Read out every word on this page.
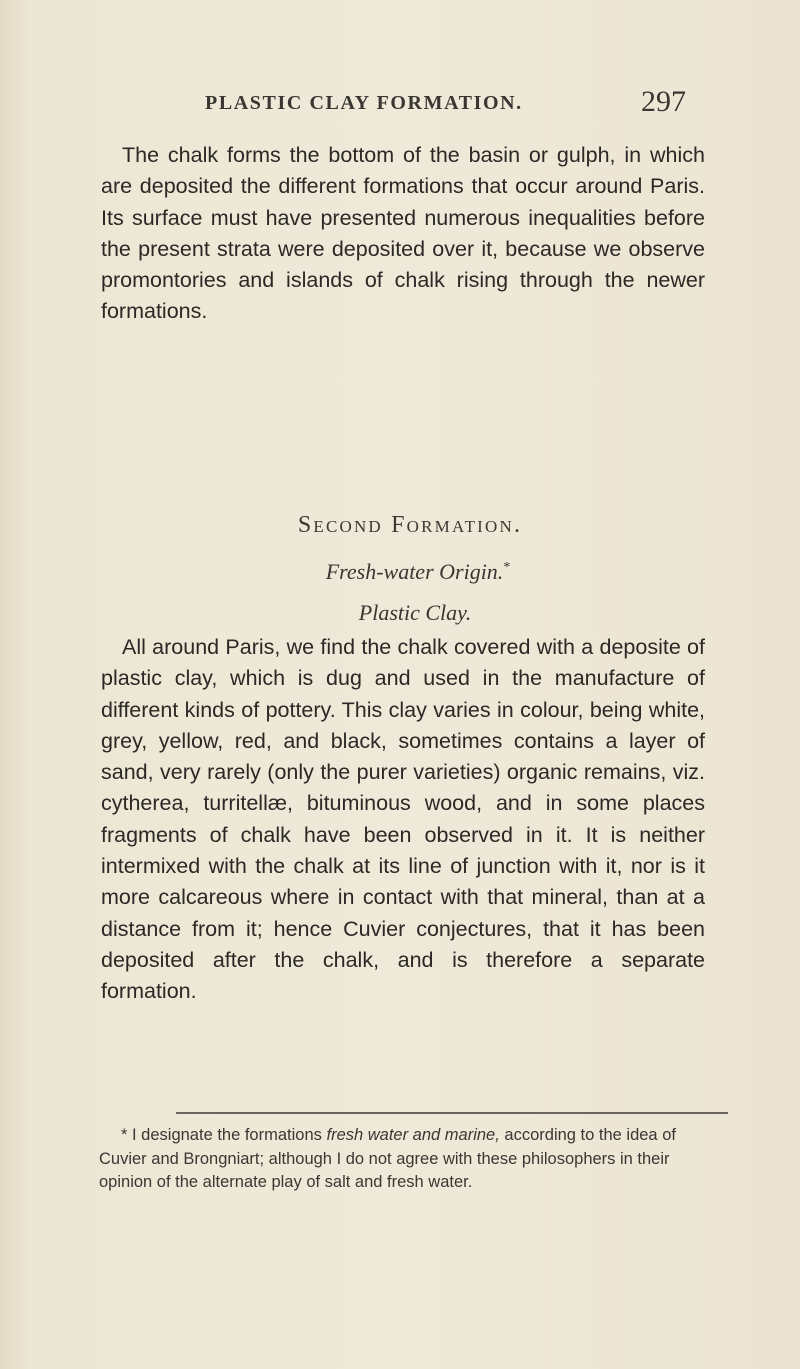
PLASTIC CLAY FORMATION.	297

The chalk forms the bottom of the basin or gulph, in which are deposited the different formations that occur around Paris. Its surface must have presented numerous inequalities before the present strata were deposited over it, because we observe promontories and islands of chalk rising through the newer formations.

Second Formation.
Fresh-water Origin.*
Plastic Clay.

All around Paris, we find the chalk covered with a deposite of plastic clay, which is dug and used in the manufacture of different kinds of pottery. This clay varies in colour, being white, grey, yellow, red, and black, sometimes contains a layer of sand, very rarely (only the purer varieties) organic remains, viz. cytherea, turritellæ, bituminous wood, and in some places fragments of chalk have been observed in it. It is neither intermixed with the chalk at its line of junction with it, nor is it more calcareous where in contact with that mineral, than at a distance from it; hence Cuvier conjectures, that it has been deposited after the chalk, and is therefore a separate formation.

* I designate the formations fresh water and marine, according to the idea of Cuvier and Brongniart; although I do not agree with these philosophers in their opinion of the alternate play of salt and fresh water.
